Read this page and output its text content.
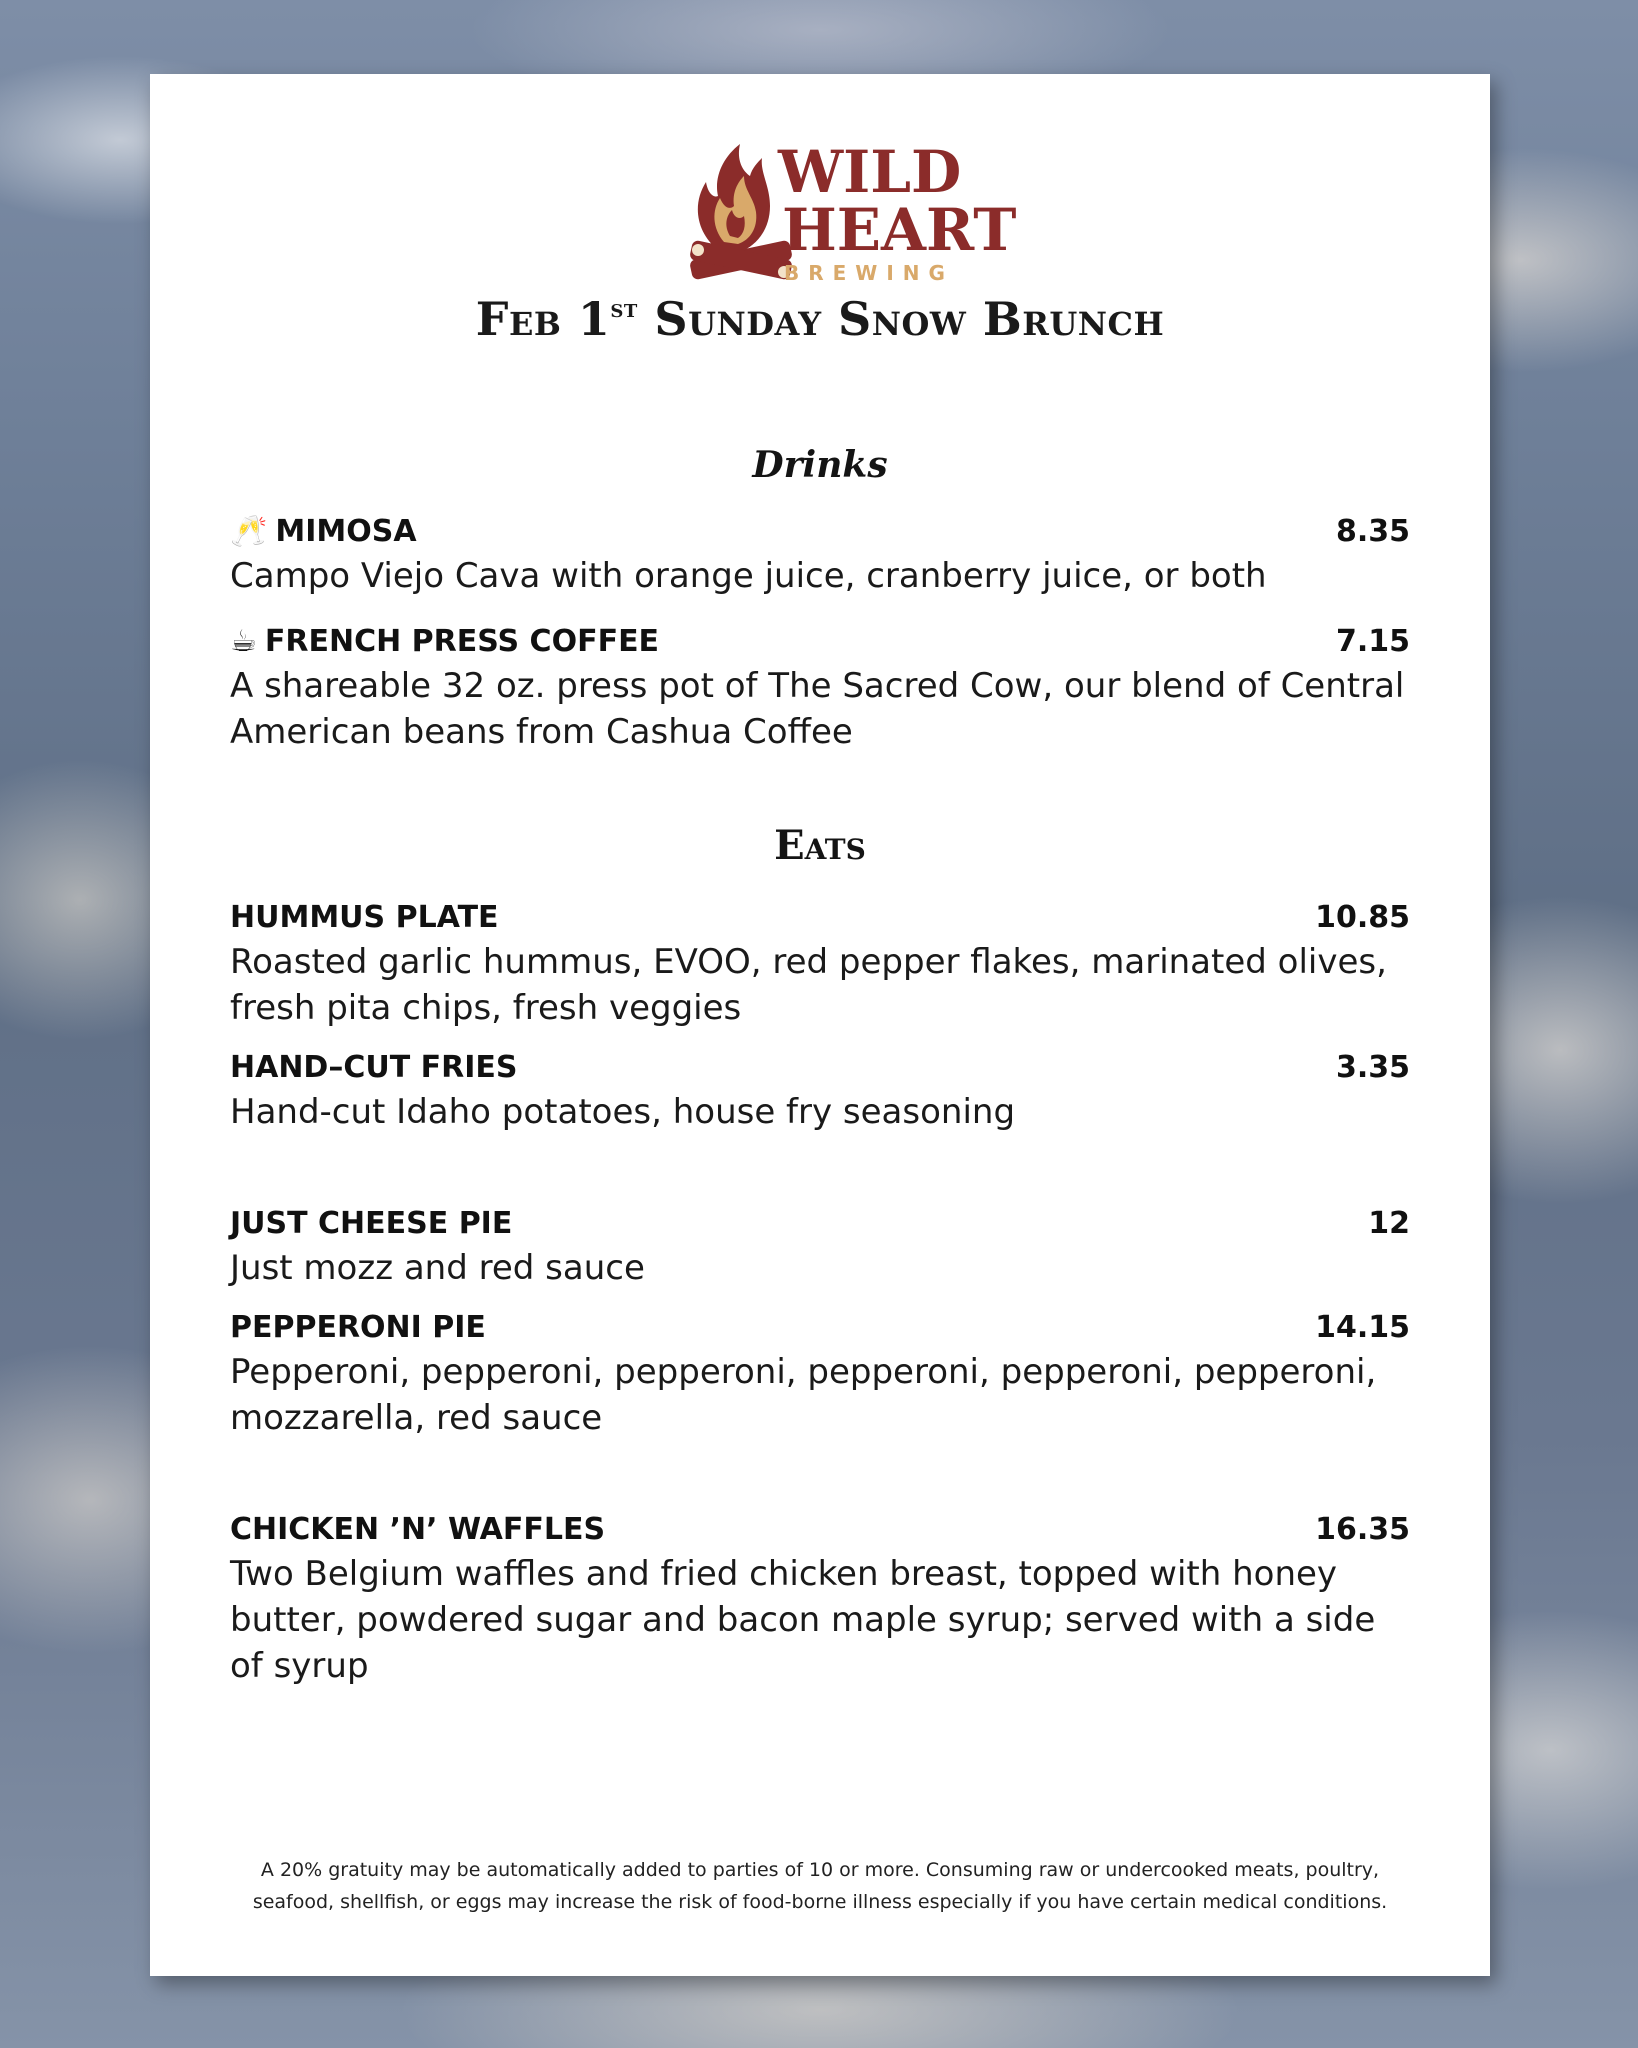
WILD
HEART
BREWING
Feb 1st Sunday Snow Brunch
Drinks
🥂 MIMOSA	8.35
Campo Viejo Cava with orange juice, cranberry juice, or both
☕ FRENCH PRESS COFFEE	7.15
A shareable 32 oz. press pot of The Sacred Cow, our blend of Central American beans from Cashua Coffee
Eats
HUMMUS PLATE	10.85
Roasted garlic hummus, EVOO, red pepper flakes, marinated olives, fresh pita chips, fresh veggies
HAND–CUT FRIES	3.35
Hand-cut Idaho potatoes, house fry seasoning
JUST CHEESE PIE	12
Just mozz and red sauce
PEPPERONI PIE	14.15
Pepperoni, pepperoni, pepperoni, pepperoni, pepperoni, pepperoni, mozzarella, red sauce
CHICKEN ’N’ WAFFLES	16.35
Two Belgium waffles and fried chicken breast, topped with honey butter, powdered sugar and bacon maple syrup; served with a side of syrup
A 20% gratuity may be automatically added to parties of 10 or more. Consuming raw or undercooked meats, poultry,
seafood, shellfish, or eggs may increase the risk of food-borne illness especially if you have certain medical conditions.
